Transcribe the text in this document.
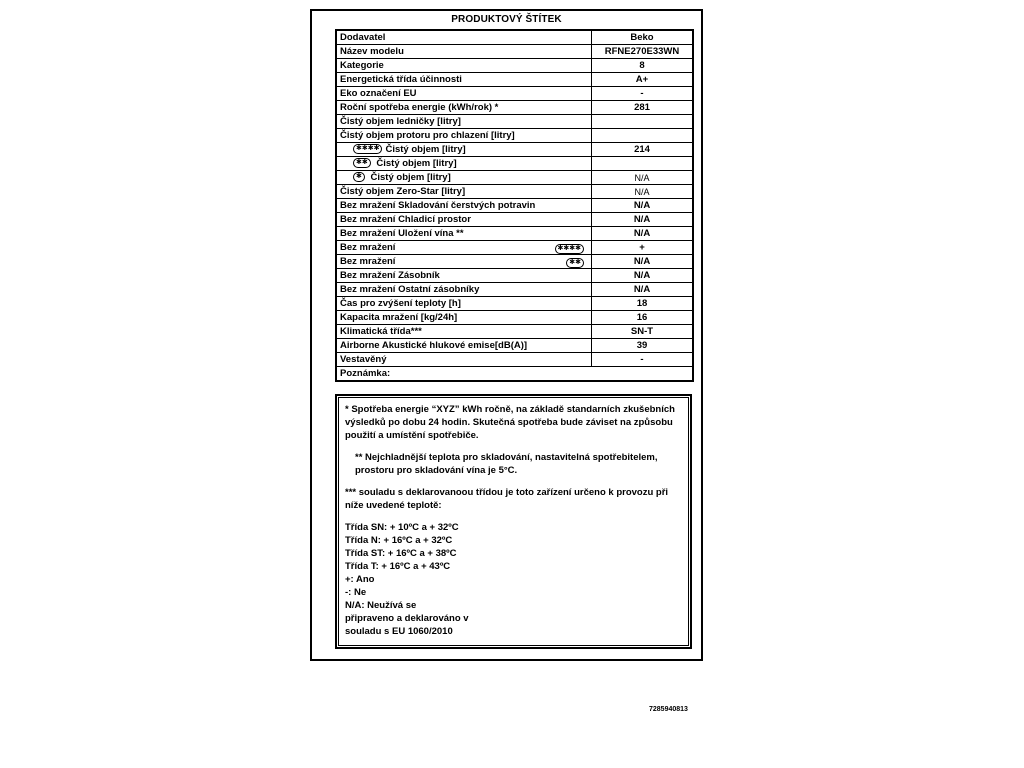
PRODUKTOVÝ ŠTÍTEK
Dodavatel	Beko
Název modelu	RFNE270E33WN
Kategorie	8
Energetická třída účinnosti	A+
Eko označení EU	-
Roční spotřeba energie (kWh/rok) *	281
Čistý objem ledničky [litry]	
Čistý objem protoru pro chlazení [litry]	
✱✱✱✱ Čistý objem [litry]	214
✱✱ Čistý objem [litry]	
✱ Čistý objem [litry]	N/A
Čistý objem Zero-Star [litry]	N/A
Bez mražení Skladování čerstvých potravin	N/A
Bez mražení Chladicí prostor	N/A
Bez mražení Uložení vína **	N/A
Bez mražení ✱✱✱✱	+
Bez mražení ✱✱	N/A
Bez mražení Zásobník	N/A
Bez mražení Ostatní zásobníky	N/A
Čas pro zvýšení teploty [h]	18
Kapacita mražení [kg/24h]	16
Klimatická třída***	SN-T
Airborne Akustické hlukové emise[dB(A)]	39
Vestavěný	-
Poznámka:	

* Spotřeba energie “XYZ” kWh ročně, na základě standarních zkušebních výsledků po dobu 24 hodin. Skutečná spotřeba bude záviset na způsobu použití a umístění spotřebiče.

** Nejchladnější teplota pro skladování, nastavitelná spotřebitelem, prostoru pro skladování vína je 5°C.

*** souladu s deklarovanoou třídou je toto zařízení určeno k provozu při níže uvedené teplotě:

Třída SN: + 10ºC a + 32ºC
Třída N: + 16ºC a + 32ºC
Třída ST: + 16ºC a + 38ºC
Třída T: + 16ºC a + 43ºC
+: Ano
-: Ne
N/A: Neužívá se
připraveno a deklarováno v
souladu s EU 1060/2010
7285940813
